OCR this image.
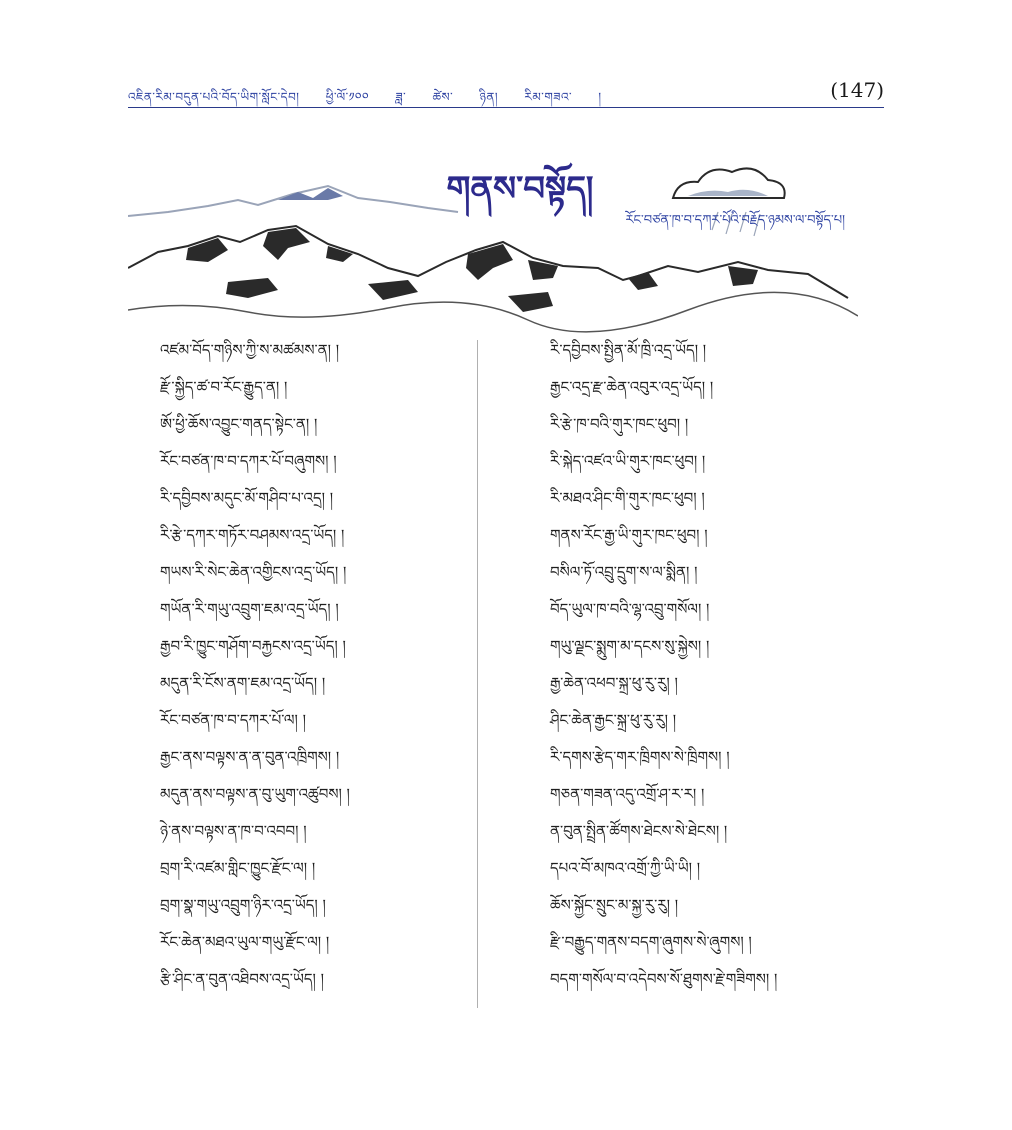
འཇིན་རིམ་བདུན་པའི་བོད་ཡིག་སློང་དེབ། ཕྱི་ལོ་༡༠༠ ཟླ་ ཚེས་ ཉིན། རིམ་གཟའ་ །	(147)
གནས་བསྟོད།
རོང་བཙན་ཁ་བ་དཀར་པོའི་བརྗོད་ཉམས་ལ་བསྟོད་པ།
འཛམ་བོད་གཉིས་ཀྱི་ས་མཚམས་ན། །
རྫོ་སྐྱིད་ཚ་བ་རོང་རྒྱུད་ན། །
ཨོ་ཕྱི་ཆོས་འབྱུང་གནད་སྟེང་ན། །
རོང་བཙན་ཁ་བ་དཀར་པོ་བཞུགས། །
རི་དབྱིབས་མདུང་མོ་གཤིབ་པ་འདྲ། །
རི་རྩེ་དཀར་གཏོར་བཤམས་འདྲ་ཡོད། །
གཡས་རི་སེང་ཆེན་འགྱིངས་འདྲ་ཡོད། །
གཡོན་རི་གཡུ་འབྲུག་ཇམ་འདྲ་ཡོད། །
རྒྱབ་རི་ཁྱུང་གཤོག་བརྐྱངས་འདྲ་ཡོད། །
མདུན་རི་ངོས་ནག་ཇམ་འདྲ་ཡོད། །
རོང་བཙན་ཁ་བ་དཀར་པོ་ལ། །
རྒྱང་ནས་བལྟས་ན་ན་བུན་འཁྲིགས། །
མདུན་ནས་བལྟས་ན་བུ་ཡུག་འཚུབས། །
ཉེ་ནས་བལྟས་ན་ཁ་བ་འབབ། །
བྲག་རི་འཛམ་གླིང་ཁྱུང་རྫོང་ལ། །
བྲག་སྣ་གཡུ་འབྲུག་ཉིར་འདྲ་ཡོད། །
རོང་ཆེན་མཐའ་ཡུལ་གཡུ་རྫོང་ལ། །
རྩི་ཤིང་ན་བུན་འཐིབས་འདྲ་ཡོད། །
རི་དབྱིབས་སྤྱིན་མོ་ཁྲི་འདྲ་ཡོད། །
རྒྱང་འདྲ་རྫ་ཆེན་འབུར་འདྲ་ཡོད། །
རི་རྩེ་ཁ་བའི་གུར་ཁང་ཕུབ། །
རི་སྐེད་འཛའ་ཡི་གུར་ཁང་ཕུབ། །
རི་མཐའ་ཤིང་གི་གུར་ཁང་ཕུབ། །
གནས་རོང་རྒྱ་ཡི་གུར་ཁང་ཕུབ། །
བསིལ་ཏོ་འབྲུ་དྲུག་ས་ལ་སྨིན། །
བོད་ཡུལ་ཁ་བའི་ལྷ་འབྲུ་གསོལ། །
གཡུ་ལྗང་སྨུག་མ་དངས་སུ་སྐྱེས། །
རྒྱ་ཆེན་འཕབ་སྐྲ་ཕུ་རུ་རུ། །
ཤིང་ཆེན་རྒྱང་སྐྲ་ཕུ་རུ་རུ། །
རི་དགས་རྩེད་གར་ཁྲིགས་སེ་ཁྲིགས། །
གཅན་གཟན་འདུ་འགྲོ་ཤ་ར་ར། །
ན་བུན་སྤྲིན་ཚོགས་ཐེངས་སེ་ཐེངས། །
དཔའ་བོ་མཁའ་འགྲོ་ཀྱི་ཡི་ཡི། །
ཆོས་སྐྱོང་སྲུང་མ་སྐྱ་རུ་རུ། །
རྫི་བརྒྱུད་གནས་བདག་ཞུགས་སེ་ཞུགས། །
བདག་གསོལ་བ་འདེབས་སོ་ཐུགས་རྗེ་གཟིགས། །
